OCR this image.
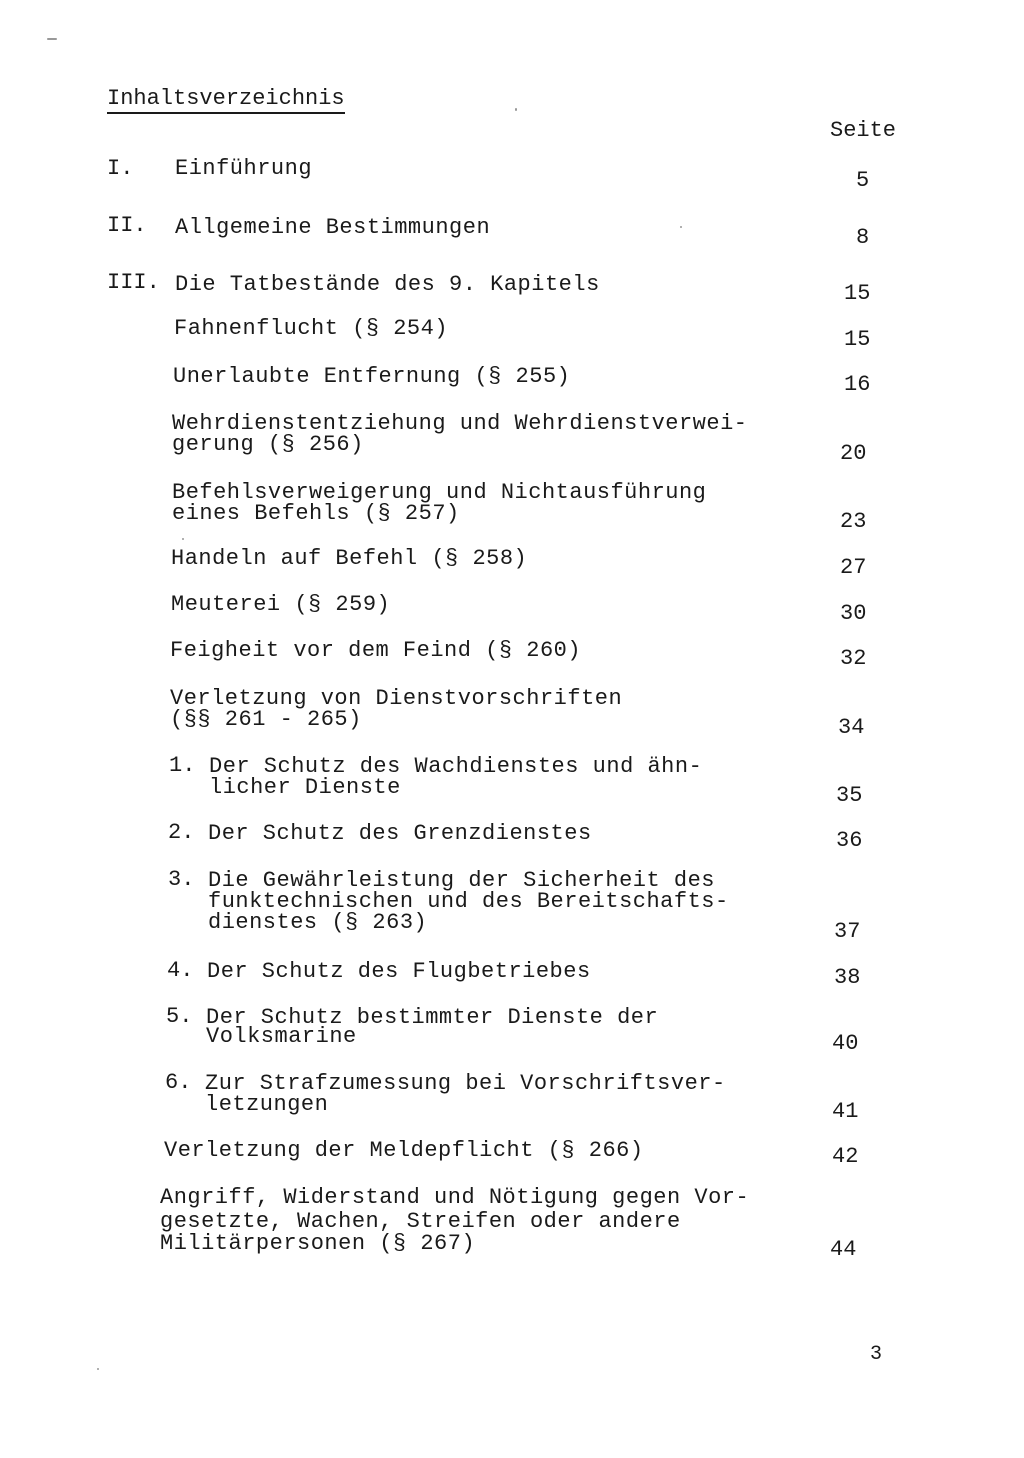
Inhaltsverzeichnis
Seite
I. Einführung	5
II. Allgemeine Bestimmungen	8
III. Die Tatbestände des 9. Kapitels	15
Fahnenflucht (§ 254)	15
Unerlaubte Entfernung (§ 255)	16
Wehrdienstentziehung und Wehrdienstverwei-
gerung (§ 256)	20
Befehlsverweigerung und Nichtausführung
eines Befehls (§ 257)	23
Handeln auf Befehl (§ 258)	27
Meuterei (§ 259)	30
Feigheit vor dem Feind (§ 260)	32
Verletzung von Dienstvorschriften
(§§ 261 - 265)	34
1. Der Schutz des Wachdienstes und ähn-
licher Dienste	35
2. Der Schutz des Grenzdienstes	36
3. Die Gewährleistung der Sicherheit des
funktechnischen und des Bereitschafts-
dienstes (§ 263)	37
4. Der Schutz des Flugbetriebes	38
5. Der Schutz bestimmter Dienste der
Volksmarine	40
6. Zur Strafzumessung bei Vorschriftsver-
letzungen	41
Verletzung der Meldepflicht (§ 266)	42
Angriff, Widerstand und Nötigung gegen Vor-
gesetzte, Wachen, Streifen oder andere
Militärpersonen (§ 267)	44
3
